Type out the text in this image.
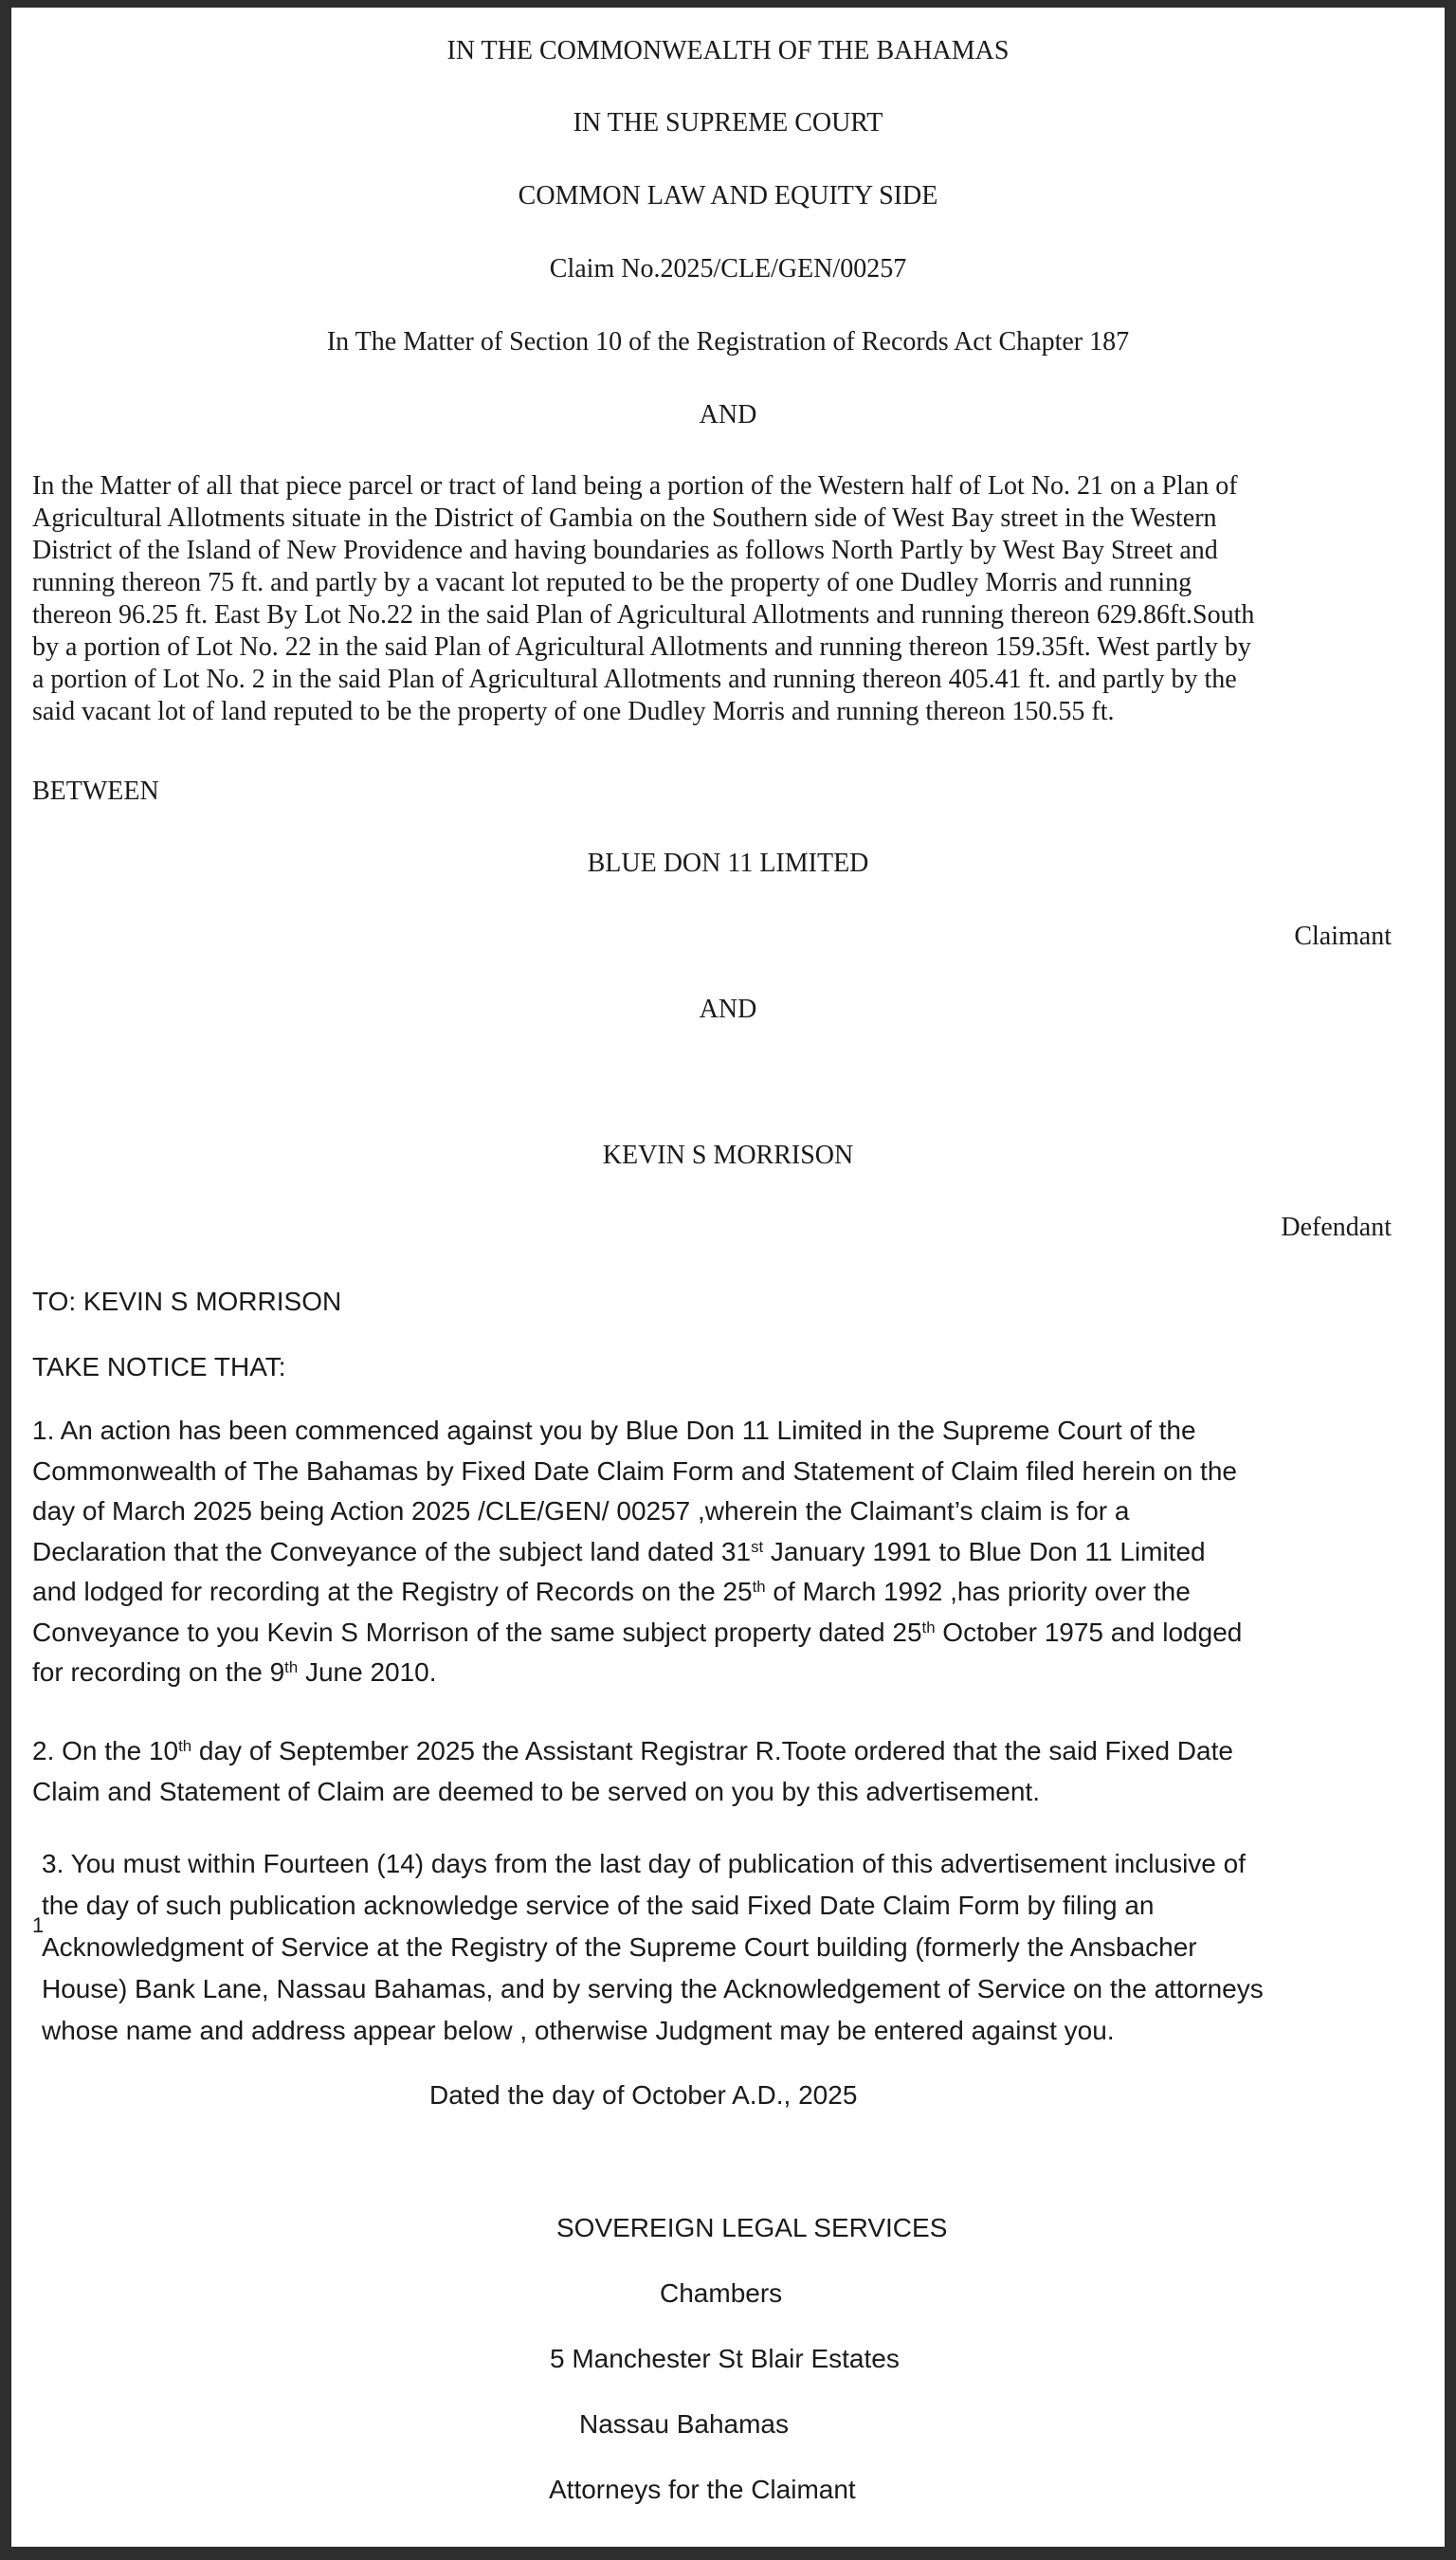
IN THE COMMONWEALTH OF THE BAHAMAS
IN THE SUPREME COURT
COMMON LAW AND EQUITY SIDE
Claim No.2025/CLE/GEN/00257
In The Matter of Section 10 of the Registration of Records Act Chapter 187
AND
In the Matter of all that piece parcel or tract of land being a portion of the Western half of Lot No. 21 on a Plan of
Agricultural Allotments situate in the District of Gambia on the Southern side of West Bay street in the Western
District of the Island of New Providence and having boundaries as follows North Partly by West Bay Street and
running thereon 75 ft. and partly by a vacant lot reputed to be the property of one Dudley Morris and running
thereon 96.25 ft. East By Lot No.22 in the said Plan of Agricultural Allotments and running thereon 629.86ft.South
by a portion of Lot No. 22 in the said Plan of Agricultural Allotments and running thereon 159.35ft. West partly by
a portion of Lot No. 2 in the said Plan of Agricultural Allotments and running thereon 405.41 ft. and partly by the
said vacant lot of land reputed to be the property of one Dudley Morris and running thereon 150.55 ft.
BETWEEN
BLUE DON 11 LIMITED
Claimant
AND
KEVIN S MORRISON
Defendant
TO: KEVIN S MORRISON
TAKE NOTICE THAT:
1. An action has been commenced against you by Blue Don 11 Limited in the Supreme Court of the
Commonwealth of The Bahamas by Fixed Date Claim Form and Statement of Claim filed herein on the
day of March 2025 being Action 2025 /CLE/GEN/ 00257 ,wherein the Claimant’s claim is for a
Declaration that the Conveyance of the subject land dated 31st January 1991 to Blue Don 11 Limited
and lodged for recording at the Registry of Records on the 25th of March 1992 ,has priority over the
Conveyance to you Kevin S Morrison of the same subject property dated 25th October 1975 and lodged
for recording on the 9th June 2010.
2. On the 10th day of September 2025 the Assistant Registrar R.Toote ordered that the said Fixed Date
Claim and Statement of Claim are deemed to be served on you by this advertisement.
3. You must within Fourteen (14) days from the last day of publication of this advertisement inclusive of
the day of such publication acknowledge service of the said Fixed Date Claim Form by filing an
Acknowledgment of Service at the Registry of the Supreme Court building (formerly the Ansbacher
House) Bank Lane, Nassau Bahamas, and by serving the Acknowledgement of Service on the attorneys
whose name and address appear below , otherwise Judgment may be entered against you.
1
Dated the day of October A.D., 2025
SOVEREIGN LEGAL SERVICES
Chambers
5 Manchester St Blair Estates
Nassau Bahamas
Attorneys for the Claimant
